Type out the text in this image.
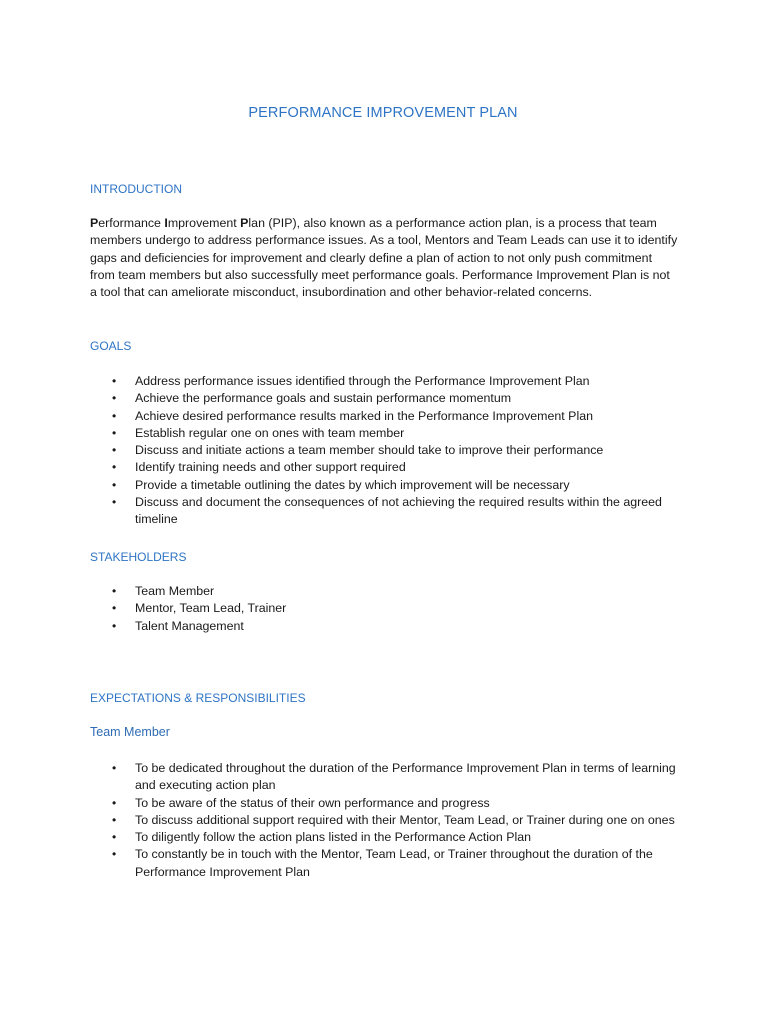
PERFORMANCE IMPROVEMENT PLAN
INTRODUCTION
Performance Improvement Plan (PIP), also known as a performance action plan, is a process that team members undergo to address performance issues. As a tool, Mentors and Team Leads can use it to identify gaps and deficiencies for improvement and clearly define a plan of action to not only push commitment from team members but also successfully meet performance goals. Performance Improvement Plan is not a tool that can ameliorate misconduct, insubordination and other behavior-related concerns.
GOALS
• Address performance issues identified through the Performance Improvement Plan
• Achieve the performance goals and sustain performance momentum
• Achieve desired performance results marked in the Performance Improvement Plan
• Establish regular one on ones with team member
• Discuss and initiate actions a team member should take to improve their performance
• Identify training needs and other support required
• Provide a timetable outlining the dates by which improvement will be necessary
• Discuss and document the consequences of not achieving the required results within the agreed timeline
STAKEHOLDERS
• Team Member
• Mentor, Team Lead, Trainer
• Talent Management
EXPECTATIONS & RESPONSIBILITIES
Team Member
• To be dedicated throughout the duration of the Performance Improvement Plan in terms of learning and executing action plan
• To be aware of the status of their own performance and progress
• To discuss additional support required with their Mentor, Team Lead, or Trainer during one on ones
• To diligently follow the action plans listed in the Performance Action Plan
• To constantly be in touch with the Mentor, Team Lead, or Trainer throughout the duration of the Performance Improvement Plan
